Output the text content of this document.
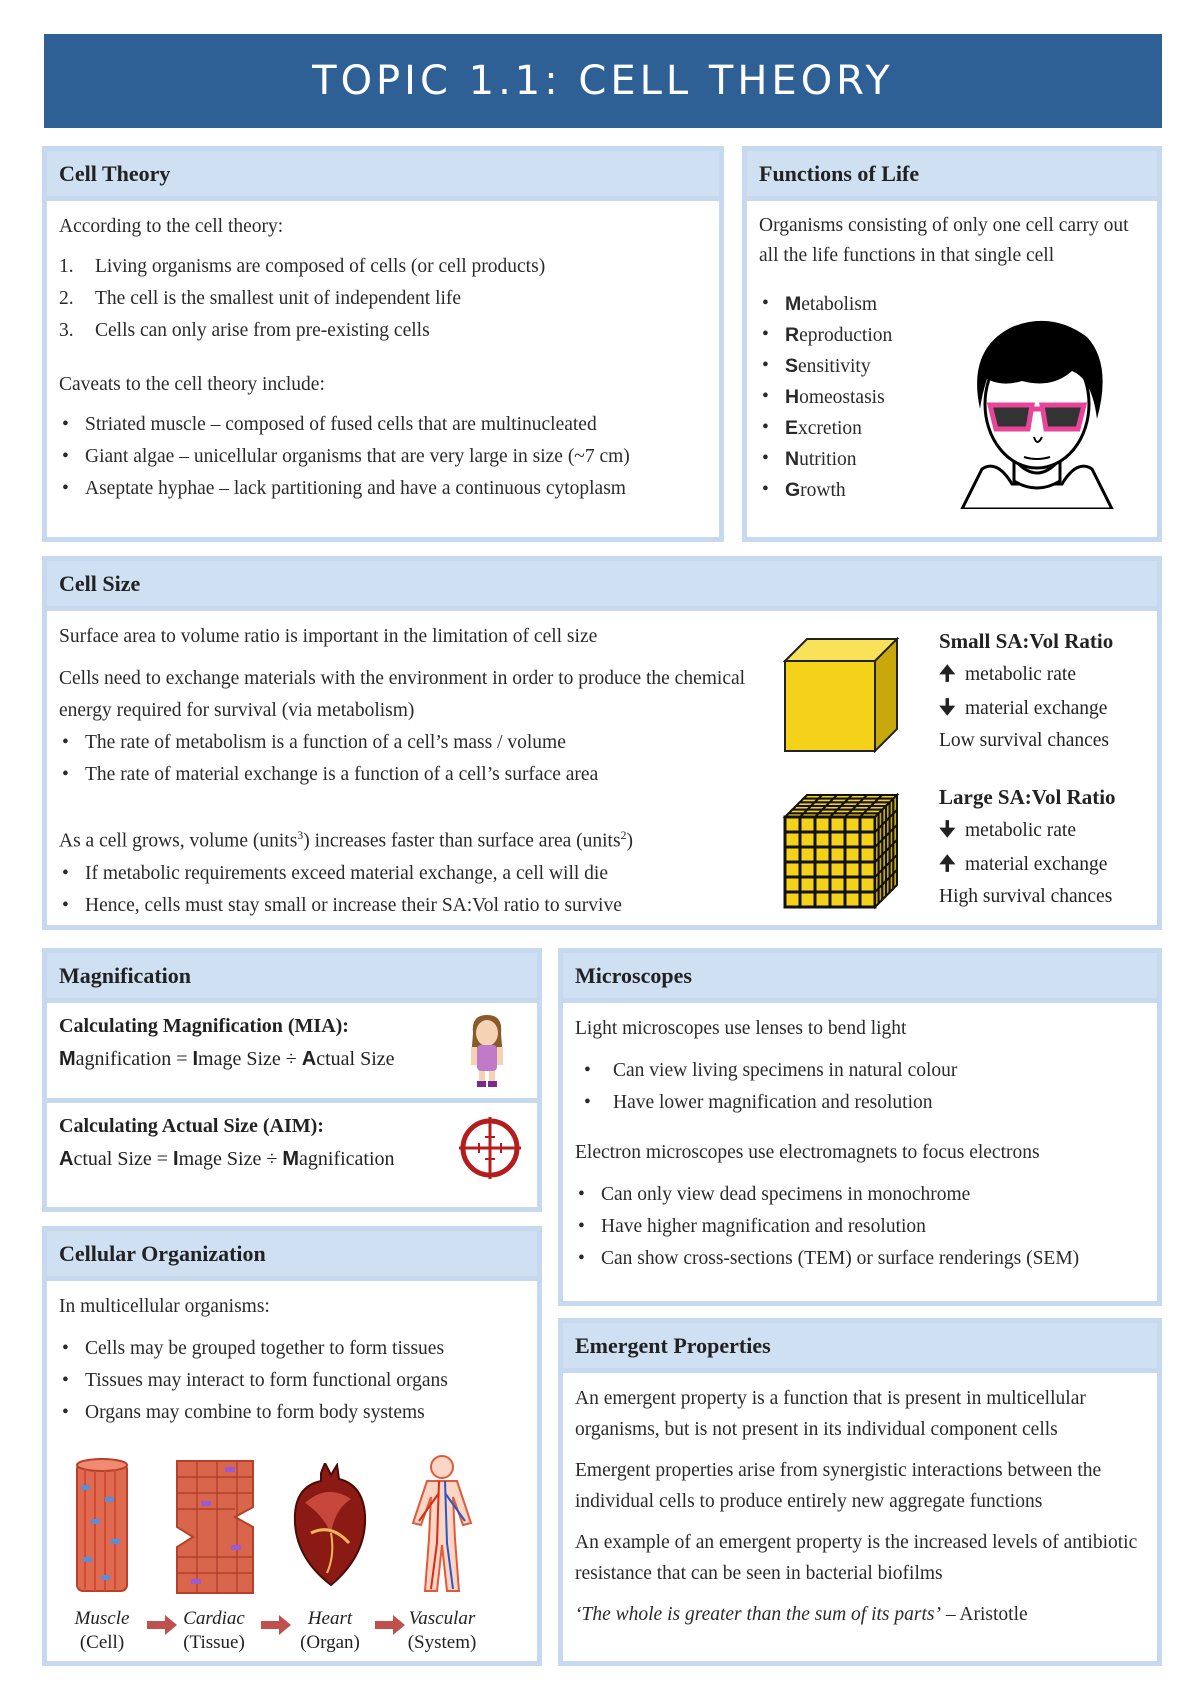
TOPIC 1.1: CELL THEORY
Cell Theory

According to the cell theory:

1.	Living organisms are composed of cells (or cell products)
2.	The cell is the smallest unit of independent life
3.	Cells can only arise from pre-existing cells

Caveats to the cell theory include:

• Striated muscle – composed of fused cells that are multinucleated
• Giant algae – unicellular organisms that are very large in size (~7 cm)
• Aseptate hyphae – lack partitioning and have a continuous cytoplasm
Functions of Life

Organisms consisting of only one cell carry out all the life functions in that single cell

• Metabolism
• Reproduction
• Sensitivity
• Homeostasis
• Excretion
• Nutrition
• Growth
Cell Size

Surface area to volume ratio is important in the limitation of cell size

Cells need to exchange materials with the environment in order to produce the chemical energy required for survival (via metabolism)

• The rate of metabolism is a function of a cell’s mass / volume
• The rate of material exchange is a function of a cell’s surface area

As a cell grows, volume (units$^3$) increases faster than surface area (units$^2$)

• If metabolic requirements exceed material exchange, a cell will die
• Hence, cells must stay small or increase their SA:Vol ratio to survive
Small SA:Vol Ratio
🠉 metabolic rate
🠋 material exchange
Low survival chances
Large SA:Vol Ratio
🠋 metabolic rate
🠉 material exchange
High survival chances
Magnification
Calculating Magnification (MIA):
Magnification = Image Size ÷ Actual Size
Calculating Actual Size (AIM):
Actual Size = Image Size ÷ Magnification
Microscopes

Light microscopes use lenses to bend light

• Can view living specimens in natural colour
• Have lower magnification and resolution

Electron microscopes use electromagnets to focus electrons

• Can only view dead specimens in monochrome
• Have higher magnification and resolution
• Can show cross-sections (TEM) or surface renderings (SEM)
Cellular Organization

In multicellular organisms:

• Cells may be grouped together to form tissues
• Tissues may interact to form functional organs
• Organs may combine to form body systems
Muscle
(Cell)
Cardiac
(Tissue)
Heart
(Organ)
Vascular
(System)
Emergent Properties

An emergent property is a function that is present in multicellular organisms, but is not present in its individual component cells

Emergent properties arise from synergistic interactions between the individual cells to produce entirely new aggregate functions

An example of an emergent property is the increased levels of antibiotic resistance that can be seen in bacterial biofilms

‘The whole is greater than the sum of its parts’ – Aristotle
